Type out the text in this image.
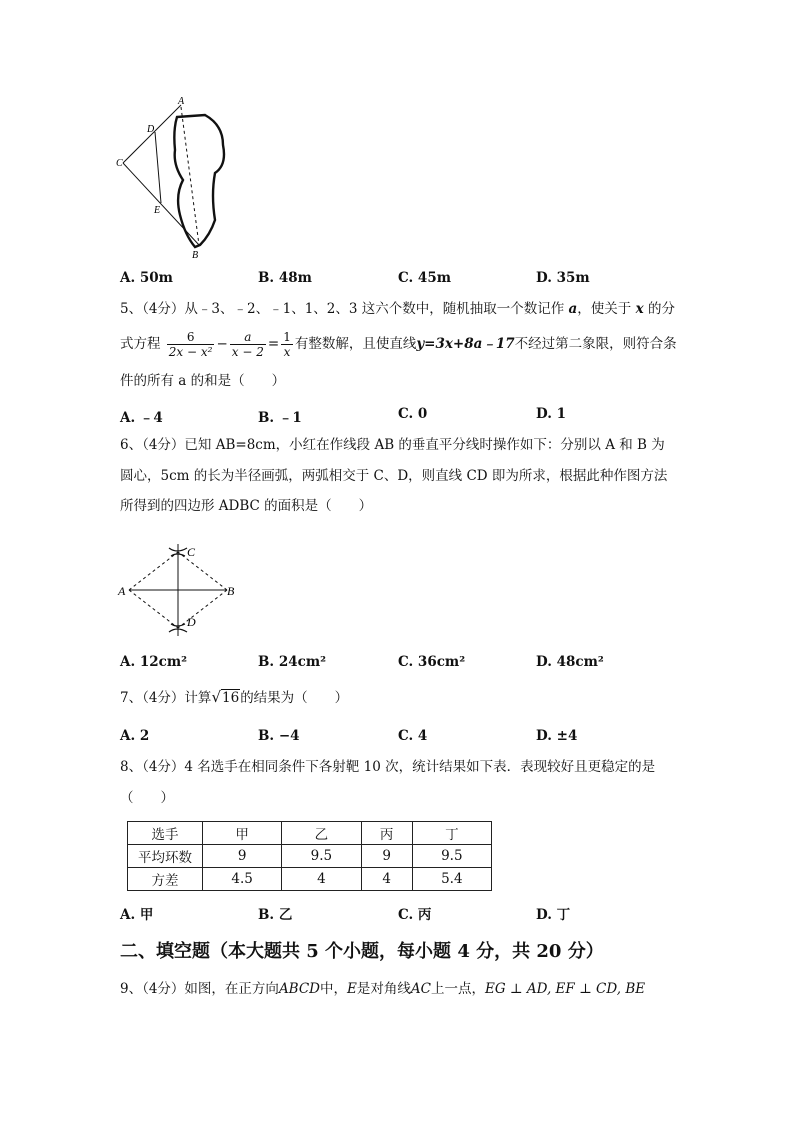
A
D
C
E
B
A. 50m	B. 48m	C. 45m	D. 35m
5、（4分）从﹣3、﹣2、﹣1、1、2、3 这六个数中，随机抽取一个数记作 a，使关于 x 的分
式方程 $\frac{6}{\text{2x − x²}} - \frac{a}{x - 2} = \frac{1}{x}$ 有整数解，且使直线y=3x+8a﹣17不经过第二象限，则符合条
件的所有 a 的和是（　　）
A. ﹣4	B. ﹣1	C. 0	D. 1
6、（4分）已知 AB=8cm，小红在作线段 AB 的垂直平分线时操作如下：分别以 A 和 B 为
圆心，5cm 的长为半径画弧，两弧相交于 C、D，则直线 CD 即为所求，根据此种作图方法
所得到的四边形 ADBC 的面积是（　　）
A	B
C
D
A. 12cm²	B. 24cm²	C. 36cm²	D. 48cm²
7、（4分）计算√16的结果为（　　）
A. 2	B. −4	C. 4	D. ±4
8、（4分）4 名选手在相同条件下各射靶 10 次，统计结果如下表．表现较好且更稳定的是
（　　）
选手	甲	乙	丙	丁
平均环数	9	9.5	9	9.5
方差	4.5	4	4	5.4
A. 甲	B. 乙	C. 丙	D. 丁
二、填空题（本大题共 5 个小题，每小题 4 分，共 20 分）
9、（4分）如图，在正方向ABCD中，E是对角线AC上一点，EG ⊥ AD, EF ⊥ CD, BE
